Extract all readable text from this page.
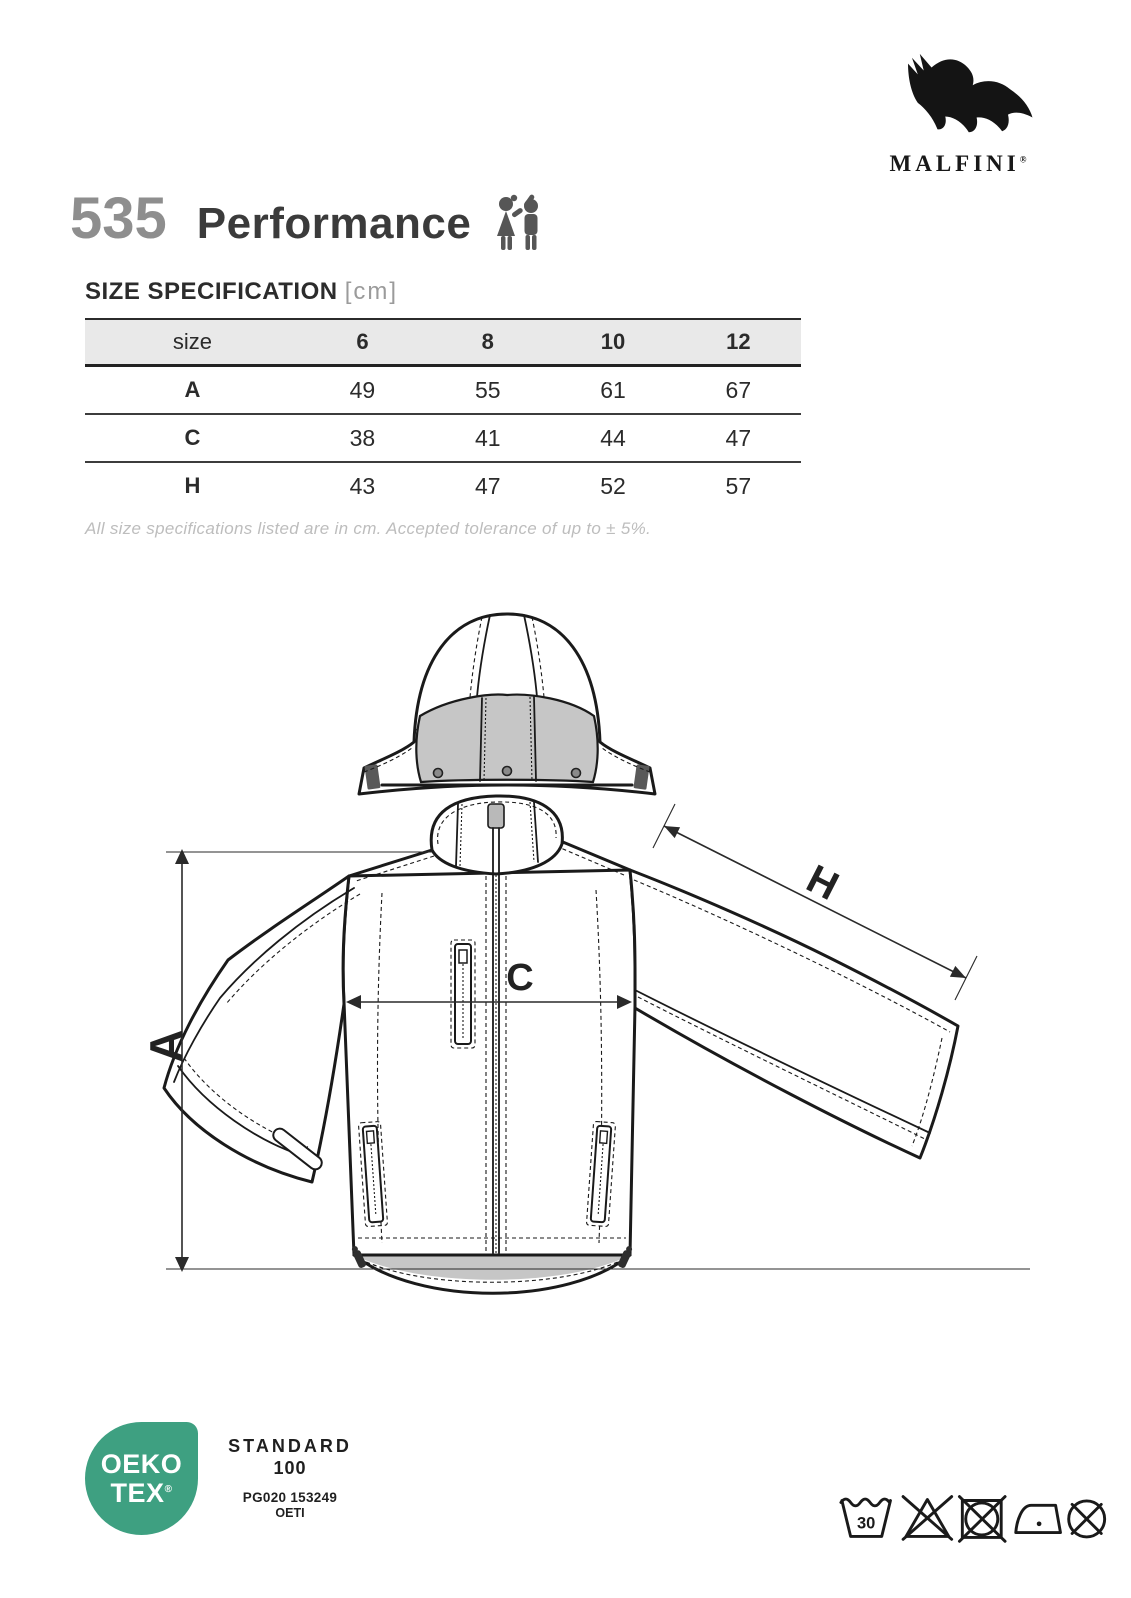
MALFINI®
535 Performance
SIZE SPECIFICATION [cm]
size	6	8	10	12
A	49	55	61	67
C	38	41	44	47
H	43	47	52	57
All size specifications listed are in cm. Accepted tolerance of up to ± 5%.
A
C
H
OEKO
TEX®
STANDARD
100
PG020 153249
OETI
30
